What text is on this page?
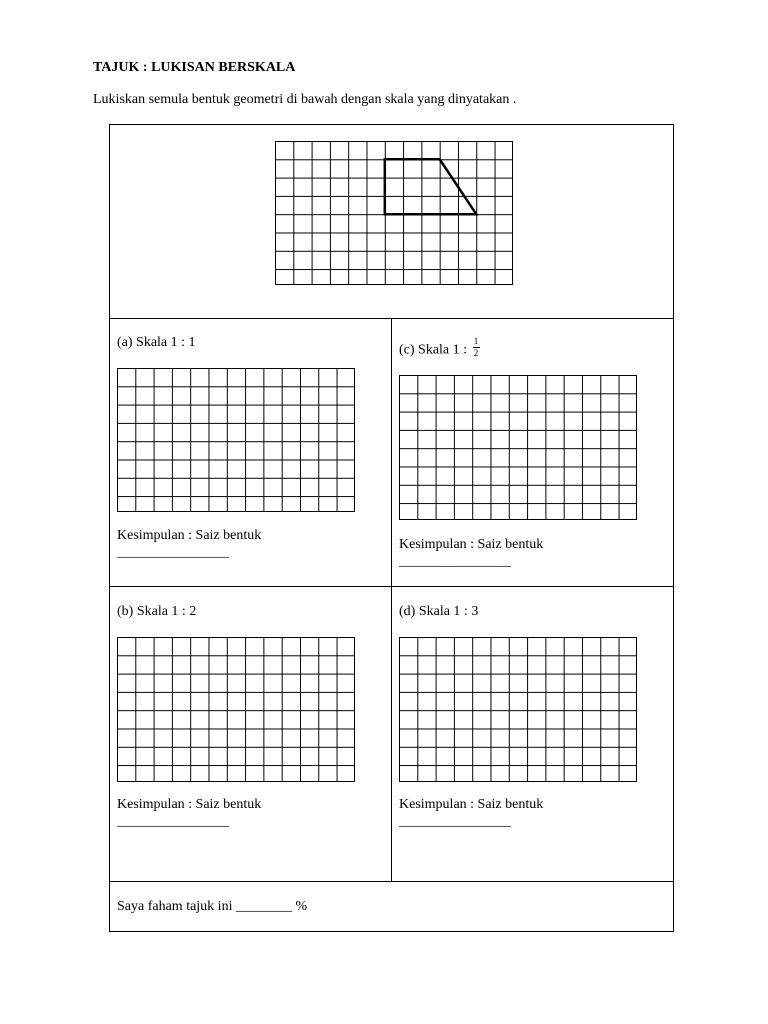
TAJUK : LUKISAN BERSKALA
Lukiskan semula bentuk geometri di bawah dengan skala yang dinyatakan .
(a) Skala 1 : 1
Kesimpulan : Saiz bentuk
________________
(c) Skala 1 : $\frac{1}{2}$
Kesimpulan : Saiz bentuk
________________
(b) Skala 1 : 2
Kesimpulan : Saiz bentuk
________________
(d) Skala 1 : 3
Kesimpulan : Saiz bentuk
________________
Saya faham tajuk ini ________ %
